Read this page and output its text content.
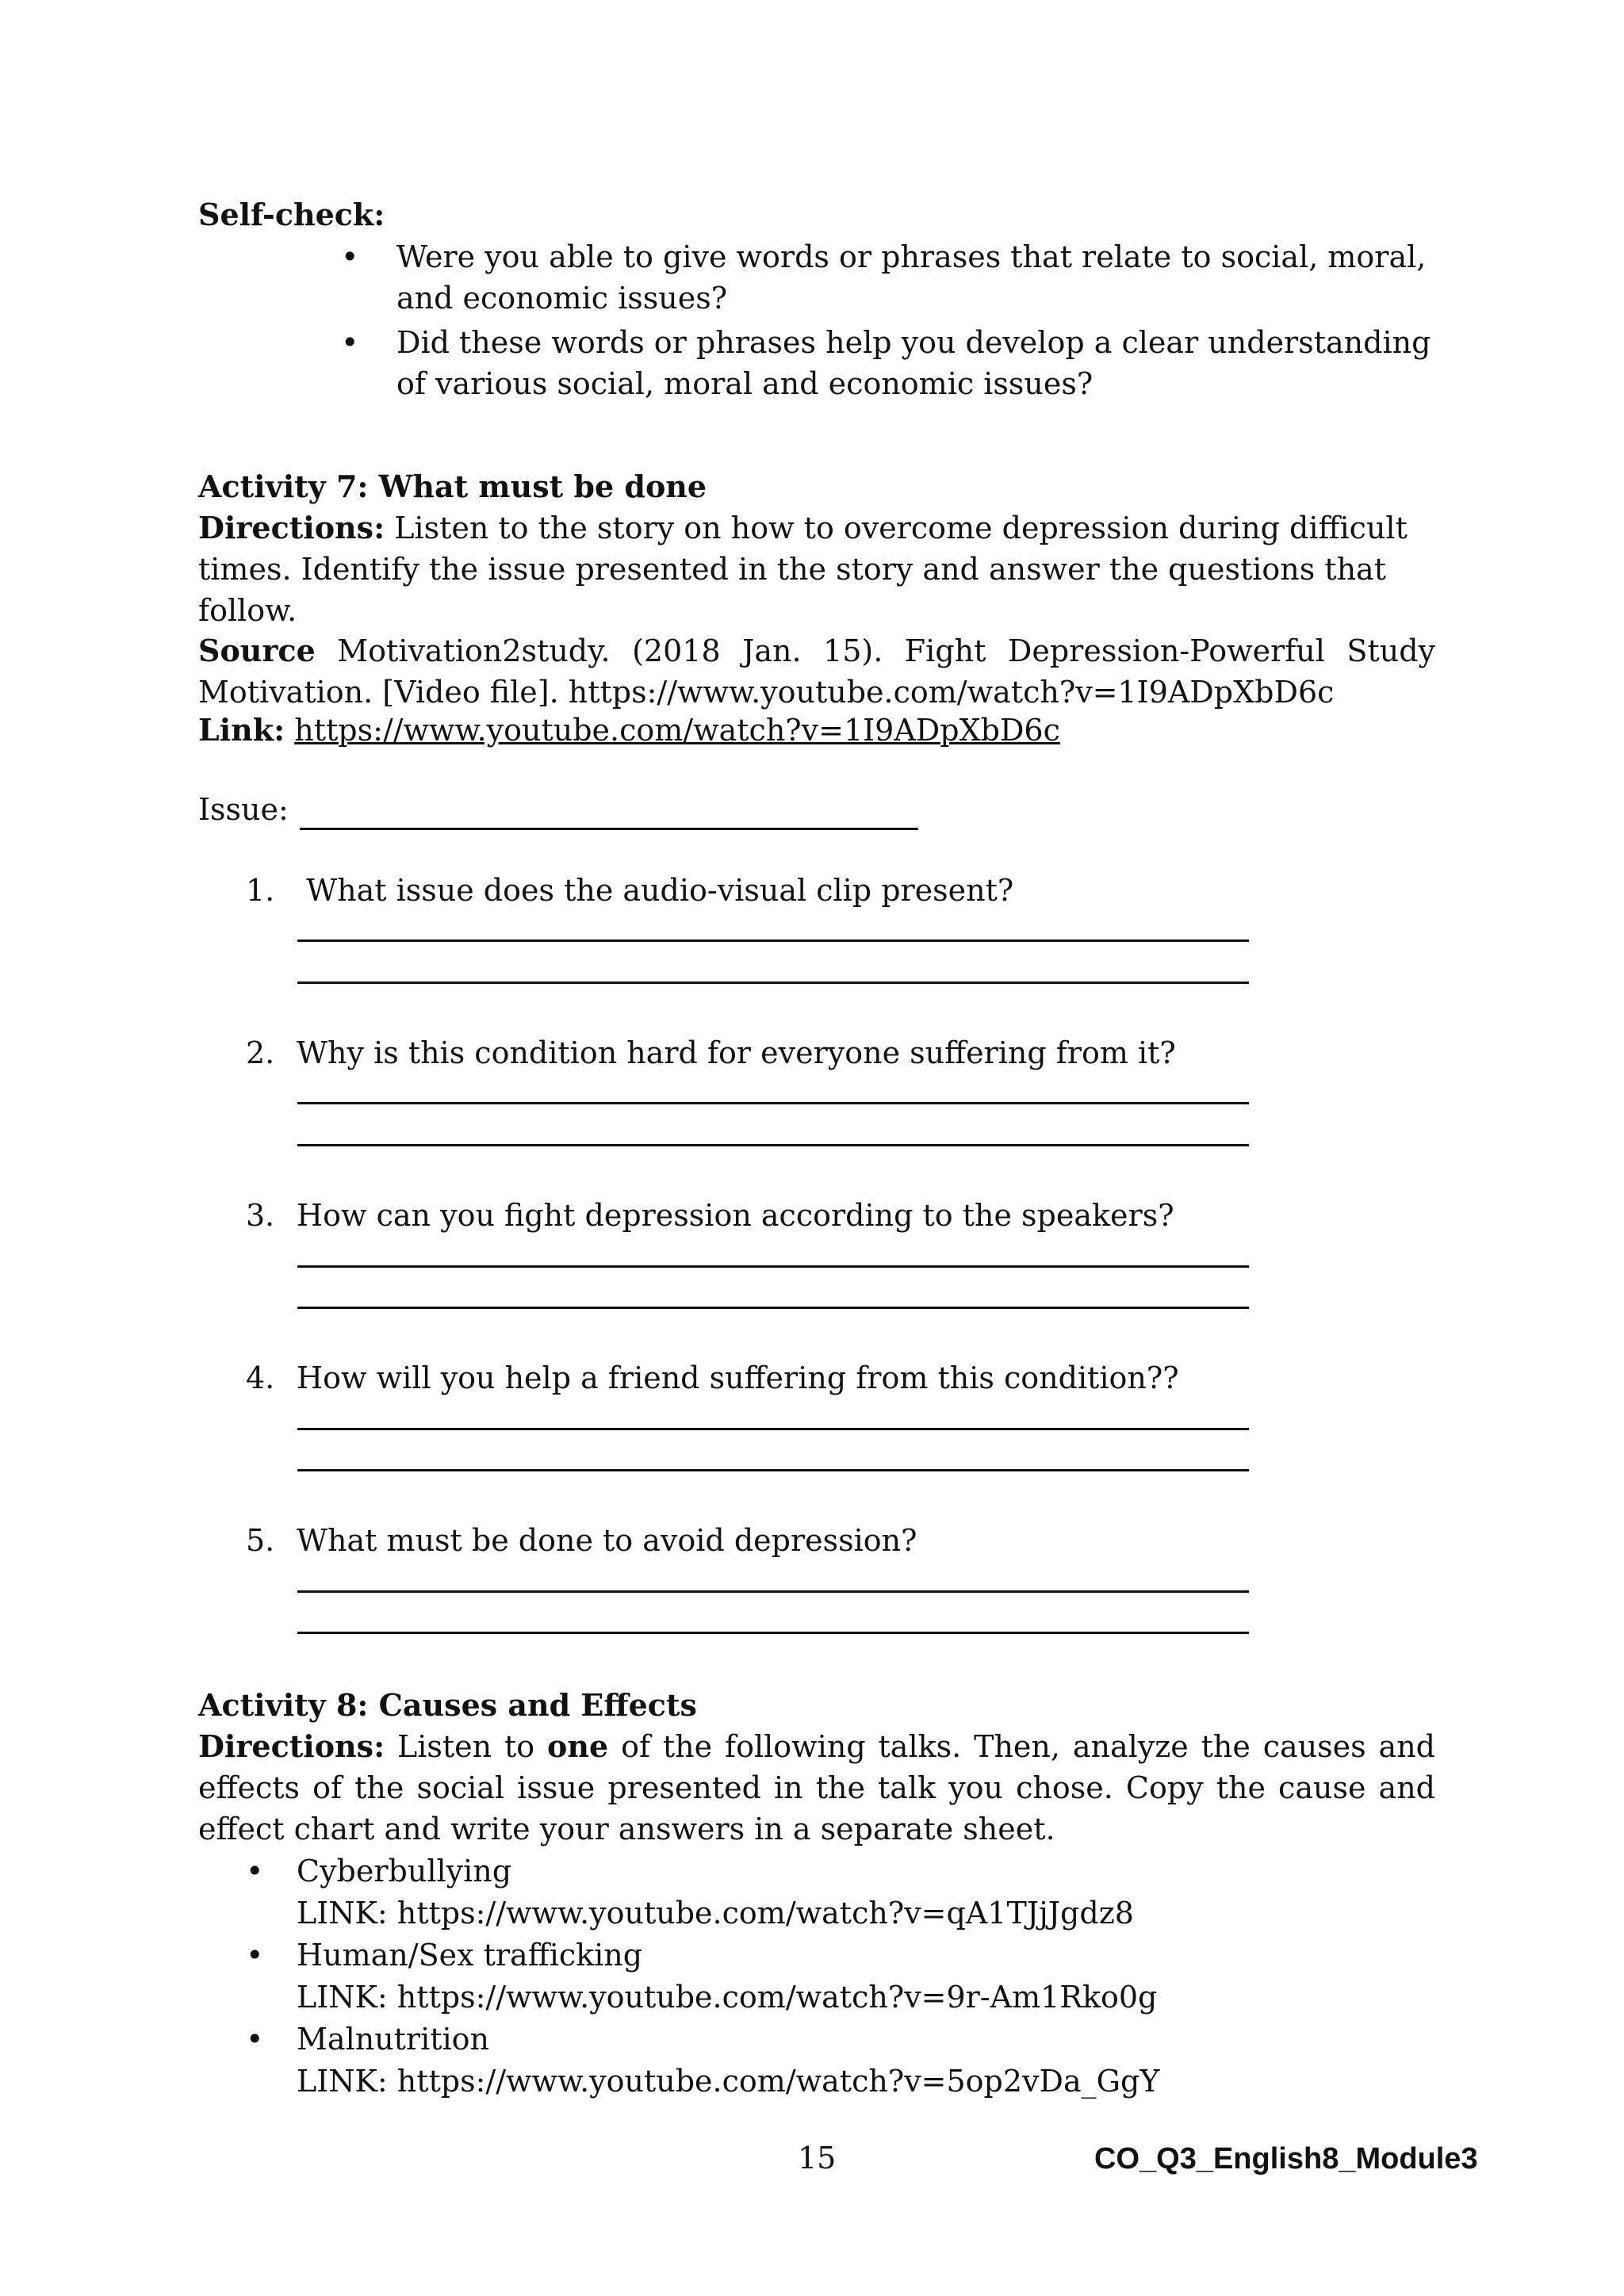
Self-check:
• Were you able to give words or phrases that relate to social, moral, and economic issues?
• Did these words or phrases help you develop a clear understanding of various social, moral and economic issues?
Activity 7: What must be done
Directions: Listen to the story on how to overcome depression during difficult times. Identify the issue presented in the story and answer the questions that follow.
Source Motivation2study. (2018 Jan. 15). Fight Depression-Powerful Study Motivation. [Video file]. https://www.youtube.com/watch?v=1I9ADpXbD6c
Link: https://www.youtube.com/watch?v=1I9ADpXbD6c
Issue:
1. What issue does the audio-visual clip present?
2. Why is this condition hard for everyone suffering from it?
3. How can you fight depression according to the speakers?
4. How will you help a friend suffering from this condition??
5. What must be done to avoid depression?
Activity 8: Causes and Effects
Directions: Listen to one of the following talks. Then, analyze the causes and effects of the social issue presented in the talk you chose. Copy the cause and effect chart and write your answers in a separate sheet.
• Cyberbullying
LINK: https://www.youtube.com/watch?v=qA1TJjJgdz8
• Human/Sex trafficking
LINK: https://www.youtube.com/watch?v=9r-Am1Rko0g
• Malnutrition
LINK: https://www.youtube.com/watch?v=5op2vDa_GgY
15	CO_Q3_English8_Module3
